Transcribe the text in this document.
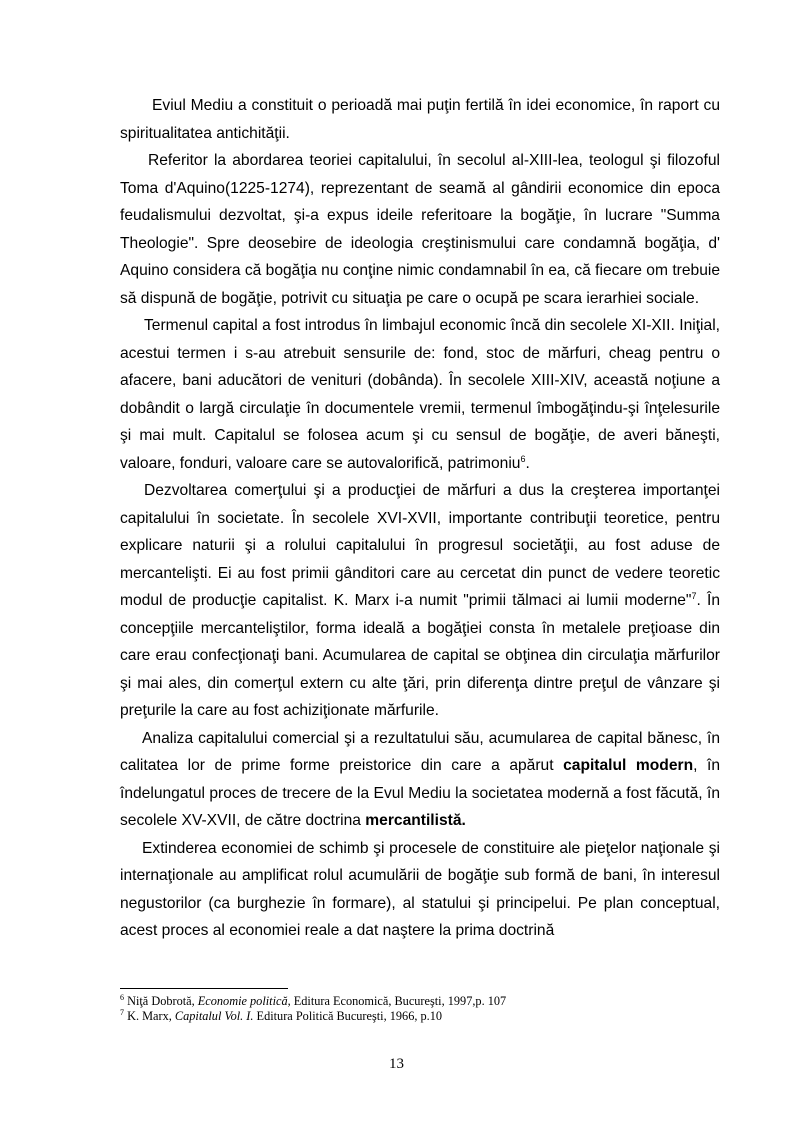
Eviul Mediu a constituit o perioadă mai puţin fertilă în idei economice, în raport cu spiritualitatea antichităţii.

Referitor la abordarea teoriei capitalului, în secolul al-XIII-lea, teologul şi filozoful Toma d'Aquino(1225-1274), reprezentant de seamă al gândirii economice din epoca feudalismului dezvoltat, şi-a expus ideile referitoare la bogăţie, în lucrare "Summa Theologie". Spre deosebire de ideologia creştinismului care condamnă bogăţia, d' Aquino considera că bogăţia nu conţine nimic condamnabil în ea, că fiecare om trebuie să dispună de bogăţie, potrivit cu situaţia pe care o ocupă pe scara ierarhiei sociale.

Termenul capital a fost introdus în limbajul economic încă din secolele XI-XII. Iniţial, acestui termen i s-au atrebuit sensurile de: fond, stoc de mărfuri, cheag pentru o afacere, bani aducători de venituri (dobânda). În secolele XIII-XIV, această noţiune a dobândit o largă circulaţie în documentele vremii, termenul îmbogăţindu-şi înţelesurile şi mai mult. Capitalul se folosea acum şi cu sensul de bogăţie, de averi băneşti, valoare, fonduri, valoare care se autovalorifică, patrimoniu$^6$.

Dezvoltarea comerţului şi a producţiei de mărfuri a dus la creşterea importanţei capitalului în societate. În secolele XVI-XVII, importante contribuţii teoretice, pentru explicare naturii şi a rolului capitalului în progresul societăţii, au fost aduse de mercantelişti. Ei au fost primii gânditori care au cercetat din punct de vedere teoretic modul de producţie capitalist. K. Marx i-a numit "primii tălmaci ai lumii moderne"$^7$. În concepţiile mercanteliştilor, forma ideală a bogăţiei consta în metalele preţioase din care erau confecţionaţi bani. Acumularea de capital se obţinea din circulaţia mărfurilor şi mai ales, din comerţul extern cu alte ţări, prin diferenţa dintre preţul de vânzare şi preţurile la care au fost achiziţionate mărfurile.

Analiza capitalului comercial şi a rezultatului său, acumularea de capital bănesc, în calitatea lor de prime forme preistorice din care a apărut capitalul modern, în îndelungatul proces de trecere de la Evul Mediu la societatea modernă a fost făcută, în secolele XV-XVII, de către doctrina mercantilistă.

Extinderea economiei de schimb şi procesele de constituire ale pieţelor naţionale şi internaţionale au amplificat rolul acumulării de bogăţie sub formă de bani, în interesul negustorilor (ca burghezie în formare), al statului şi principelui. Pe plan conceptual, acest proces al economiei reale a dat naştere la prima doctrină

$^6$ Niţă Dobrotă, Economie politică, Editura Economică, Bucureşti, 1997,p. 107

$^7$ K. Marx, Capitalul Vol. I. Editura Politică Bucureşti, 1966, p.10

13
